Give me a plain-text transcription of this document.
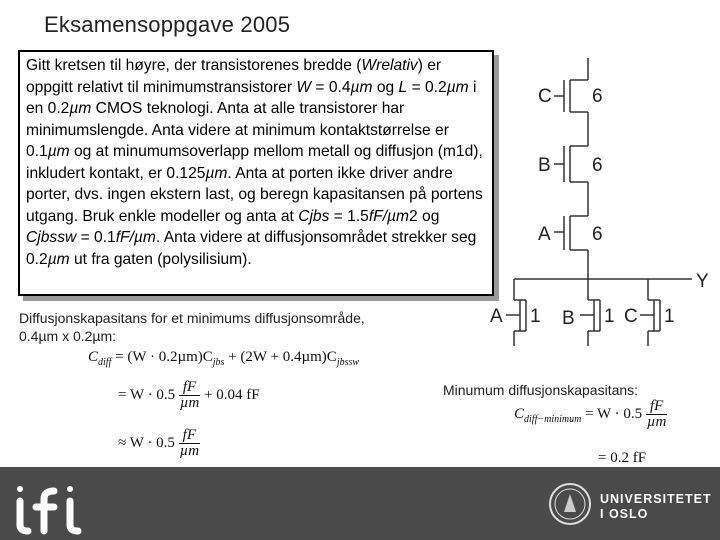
Eksamensoppgave 2005
Gitt kretsen til høyre, der transistorenes bredde (Wrelativ) er oppgitt relativt til minimumstransistorer W = 0.4µm og L = 0.2µm i en 0.2µm CMOS teknologi. Anta at alle transistorer har minimumslengde. Anta videre at minimum kontaktstørrelse er 0.1µm og at minumumsoverlapp mellom metall og diffusjon (m1d), inkludert kontakt, er 0.125µm. Anta at porten ikke driver andre porter, dvs. ingen ekstern last, og beregn kapasitansen på portens utgang. Bruk enkle modeller og anta at Cjbs = 1.5fF/µm2 og Cjbssw = 0.1fF/µm. Anta videre at diffusjonsområdet strekker seg 0.2µm ut fra gaten (polysilisium).
Diffusjonskapasitans for et minimums diffusjonsområde,
0.4µm x 0.2µm:
$C_{diff} = (W \cdot 0.2\mu m)C_{jbs} + (2W + 0.4\mu m)C_{jbssw}$
= $W \cdot 0.5 \frac{fF}{\text{µm}} + 0.04$ fF
≈ $W \cdot 0.5 \frac{fF}{\text{µm}}$
Minumum diffusjonskapasitans:
$C_{diff-minimum} = W \cdot 0.5 \frac{fF}{\text{µm}}$
= 0.2 fF
C 6
B 6
A 6
A 1 B 1 C 1
Y
UNIVERSITETET
I OSLO
